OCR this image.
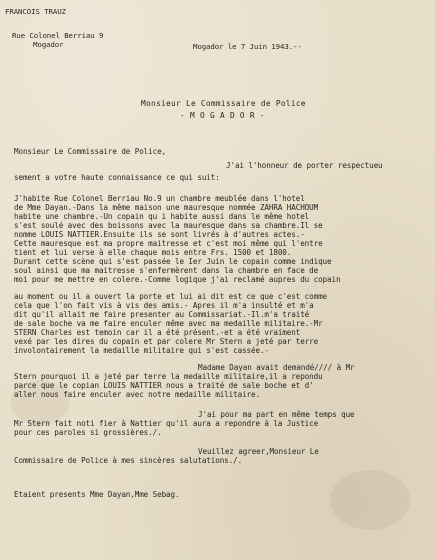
FRANCOIS TRAUZ
Rue Colonel Berriau 9
Mogador	Mogador le 7 Juin 1943.--
Monsieur Le Commissaire de Police
- M O G A D O R -
Monsieur Le Commissaire de Police,
J'ai l'honneur de porter respectueu
sement a votre haute connaissance ce qui suit:
J'habite Rue Colonel Berriau No.9 un chambre meublée dans l'hotel
de Mme Dayan.-Dans la même maison une mauresque nommée ZAHRA HACHOUM
habite une chambre.-Un copain qu i habite aussi dans le même hotel
s'est soulé avec des boissons avec la mauresque dans sa chambre.Il se
nomme LOUIS NATTIER.Ensuite ils se sont livrés à d'autres actes.-
Cette mauresque est ma propre maitresse et c'est moi même qui l'entre
tient et lui verse à elle chaque mois entre Frs. 1500 et 1800.
Durant cette scène qui s'est passée le Ier Juin le copain comme indique
soul ainsi que ma maitresse s'enfermèrent dans la chambre en face de
moi pour me mettre en colere.-Comme logique j'ai reclamé aupres du copain
au moment ou il a ouvert la porte et lui ai dit est ce que c'est comme
cela que l'on fait vis à vis des amis.- Apres il m'a insulté et m'a
dit qu'il allait me faire presenter au Commissariat.-Il.m'a traité
de sale boche va me faire enculer même avec ma medaille militaire.-Mr
STERN Charles est temoin car il a été présent.-et a été vraiment
vexé par les dires du copain et par colere Mr Stern a jeté par terre
involontairement la medaille militaire qui s'est cassée.-
Madame Dayan avait demandé//// à Mr
Stern pourquoi il a jeté par terre la medaille militaire,il a repondu
parce que le copian LOUIS NATTIER nous a traité de sale boche et d'
aller nous faire enculer avec notre medaille militaire.
J'ai pour ma part en même temps que
Mr Stern fait noti fier à Nattier qu'il aura a repondre à la Justice
pour ces paroles si grossières./.
Veuillez agreer,Monsieur Le
Commissaire de Police à mes sincères salutations./.
Etaient presents Mme Dayan,Mme Sebag.
